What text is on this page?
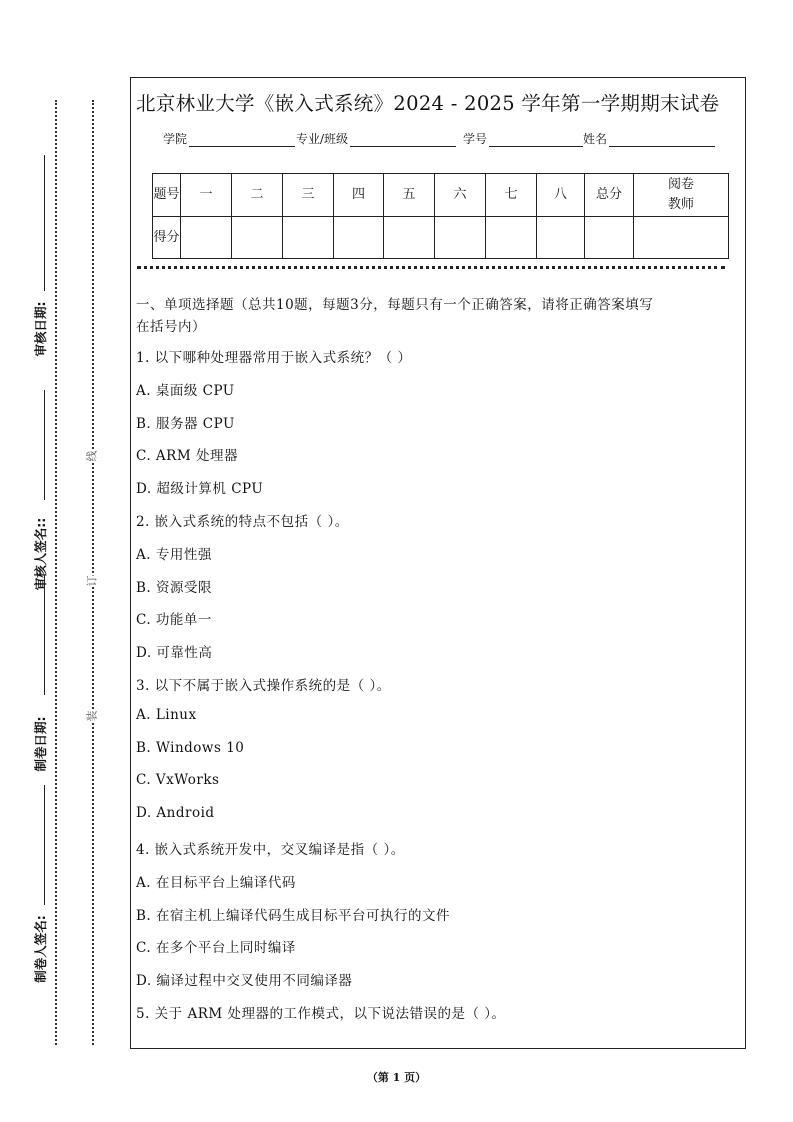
线
订
装
审核日期:
审核人签名::
制卷日期:
制卷人签名:
北京林业大学《嵌入式系统》2024 - 2025 学年第一学期期末试卷
学院	专业/班级	学号	姓名
题号	一	二	三	四	五	六	七	八	总分	阅卷教师
得分										
一、单项选择题（总共10题，每题3分，每题只有一个正确答案，请将正确答案填写
在括号内）
1. 以下哪种处理器常用于嵌入式系统？（ ）
A. 桌面级 CPU
B. 服务器 CPU
C. ARM 处理器
D. 超级计算机 CPU
2. 嵌入式系统的特点不包括（ ）。
A. 专用性强
B. 资源受限
C. 功能单一
D. 可靠性高
3. 以下不属于嵌入式操作系统的是（ ）。
A. Linux
B. Windows 10
C. VxWorks
D. Android
4. 嵌入式系统开发中，交叉编译是指（ ）。
A. 在目标平台上编译代码
B. 在宿主机上编译代码生成目标平台可执行的文件
C. 在多个平台上同时编译
D. 编译过程中交叉使用不同编译器
5. 关于 ARM 处理器的工作模式，以下说法错误的是（ ）。
（第 1 页）
